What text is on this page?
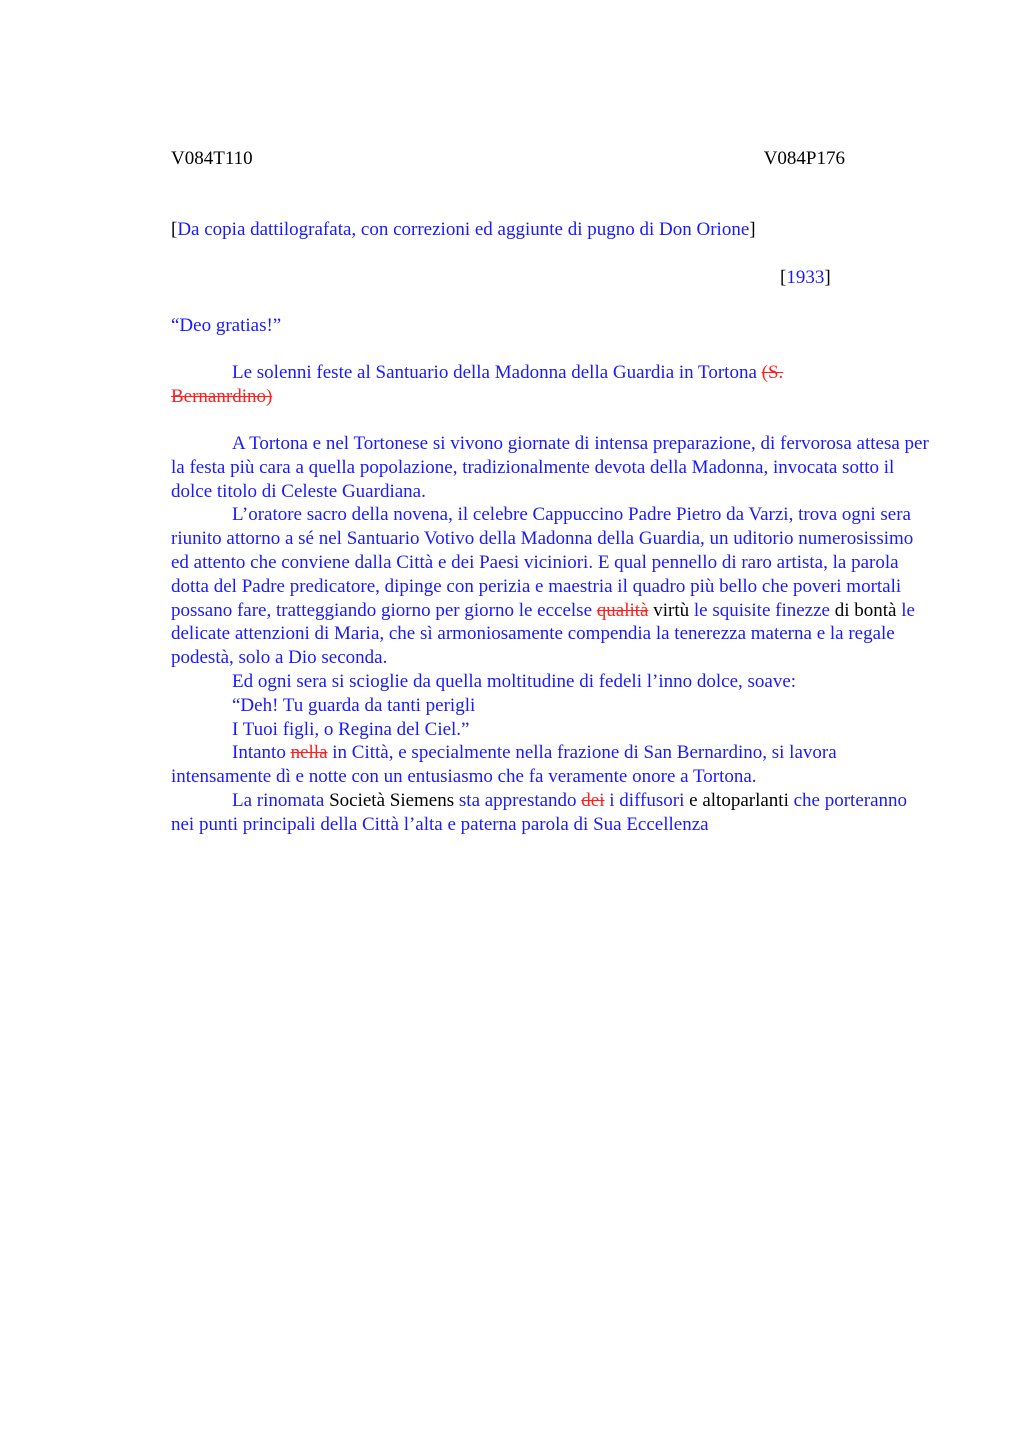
V084T110	V084P176
[Da copia dattilografata, con correzioni ed aggiunte di pugno di Don Orione]
[1933]
“Deo gratias!”
Le solenni feste al Santuario della Madonna della Guardia in Tortona (S. Bernanrdino)

A Tortona e nel Tortonese si vivono giornate di intensa preparazione, di fervorosa attesa per la festa più cara a quella popolazione, tradizionalmente devota della Madonna, invocata sotto il dolce titolo di Celeste Guardiana.

L’oratore sacro della novena, il celebre Cappuccino Padre Pietro da Varzi, trova ogni sera riunito attorno a sé nel Santuario Votivo della Madonna della Guardia, un uditorio numerosissimo ed attento che conviene dalla Città e dei Paesi viciniori. E qual pennello di raro artista, la parola dotta del Padre predicatore, dipinge con perizia e maestria il quadro più bello che poveri mortali possano fare, tratteggiando giorno per giorno le eccelse qualità virtù le squisite finezze di bontà le delicate attenzioni di Maria, che sì armoniosamente compendia la tenerezza materna e la regale podestà, solo a Dio seconda.

Ed ogni sera si scioglie da quella moltitudine di fedeli l’inno dolce, soave:

“Deh! Tu guarda da tanti perigli

I Tuoi figli, o Regina del Ciel.”

Intanto nella in Città, e specialmente nella frazione di San Bernardino, si lavora intensamente dì e notte con un entusiasmo che fa veramente onore a Tortona.

La rinomata Società Siemens sta apprestando dei i diffusori e altoparlanti che porteranno nei punti principali della Città l’alta e paterna parola di Sua Eccellenza
